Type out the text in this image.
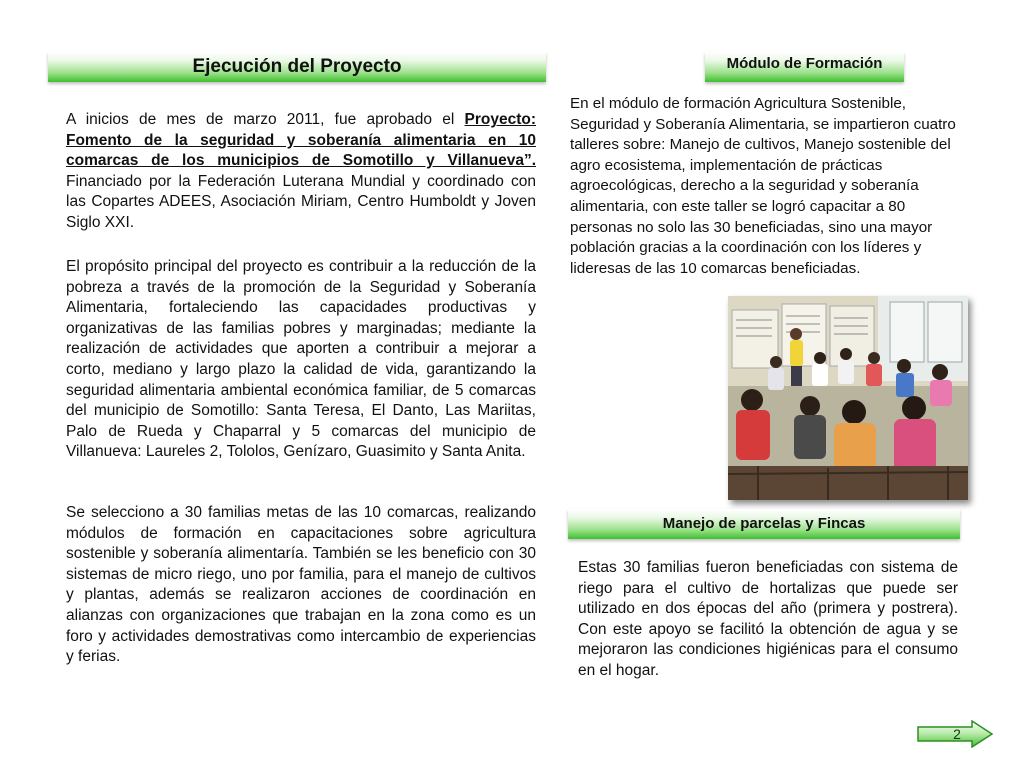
Ejecución del Proyecto	Módulo de Formación

A inicios de mes de marzo 2011, fue aprobado el Proyecto: Fomento de la seguridad y soberanía alimentaria en 10 comarcas de los municipios de Somotillo y Villanueva”. Financiado por la Federación Luterana Mundial y coordinado con las Copartes ADEES, Asociación Miriam, Centro Humboldt y Joven Siglo XXI.

El propósito principal del proyecto es contribuir a la reducción de la pobreza a través de la promoción de la Seguridad y Soberanía Alimentaria, fortaleciendo las capacidades productivas y organizativas de las familias pobres y marginadas; mediante la realización de actividades que aporten a contribuir a mejorar a corto, mediano y largo plazo la calidad de vida, garantizando la seguridad alimentaria ambiental económica familiar, de 5 comarcas del municipio de Somotillo: Santa Teresa, El Danto, Las Mariitas, Palo de Rueda y Chaparral y 5 comarcas del municipio de Villanueva: Laureles 2, Tololos, Genízaro, Guasimito y Santa Anita.

Se selecciono a 30 familias metas de las 10 comarcas, realizando módulos de formación en capacitaciones sobre agricultura sostenible y soberanía alimentaría. También se les beneficio con 30 sistemas de micro riego, uno por familia, para el manejo de cultivos y plantas, además se realizaron acciones de coordinación en alianzas con organizaciones que trabajan en la zona como es un foro y actividades demostrativas como intercambio de experiencias y ferias.

En el módulo de formación Agricultura Sostenible, Seguridad y Soberanía Alimentaria, se impartieron cuatro talleres sobre: Manejo de cultivos, Manejo sostenible del agro ecosistema, implementación de prácticas agroecológicas, derecho a la seguridad y soberanía alimentaria, con este taller se logró capacitar a 80 personas no solo las 30 beneficiadas, sino una mayor población gracias a la coordinación con los líderes y lideresas de las 10 comarcas beneficiadas.

Manejo de parcelas y Fincas

Estas 30 familias fueron beneficiadas con sistema de riego para el cultivo de hortalizas que puede ser utilizado en dos épocas del año (primera y postrera). Con este apoyo se facilitó la obtención de agua y se mejoraron las condiciones higiénicas para el consumo en el hogar.

2
